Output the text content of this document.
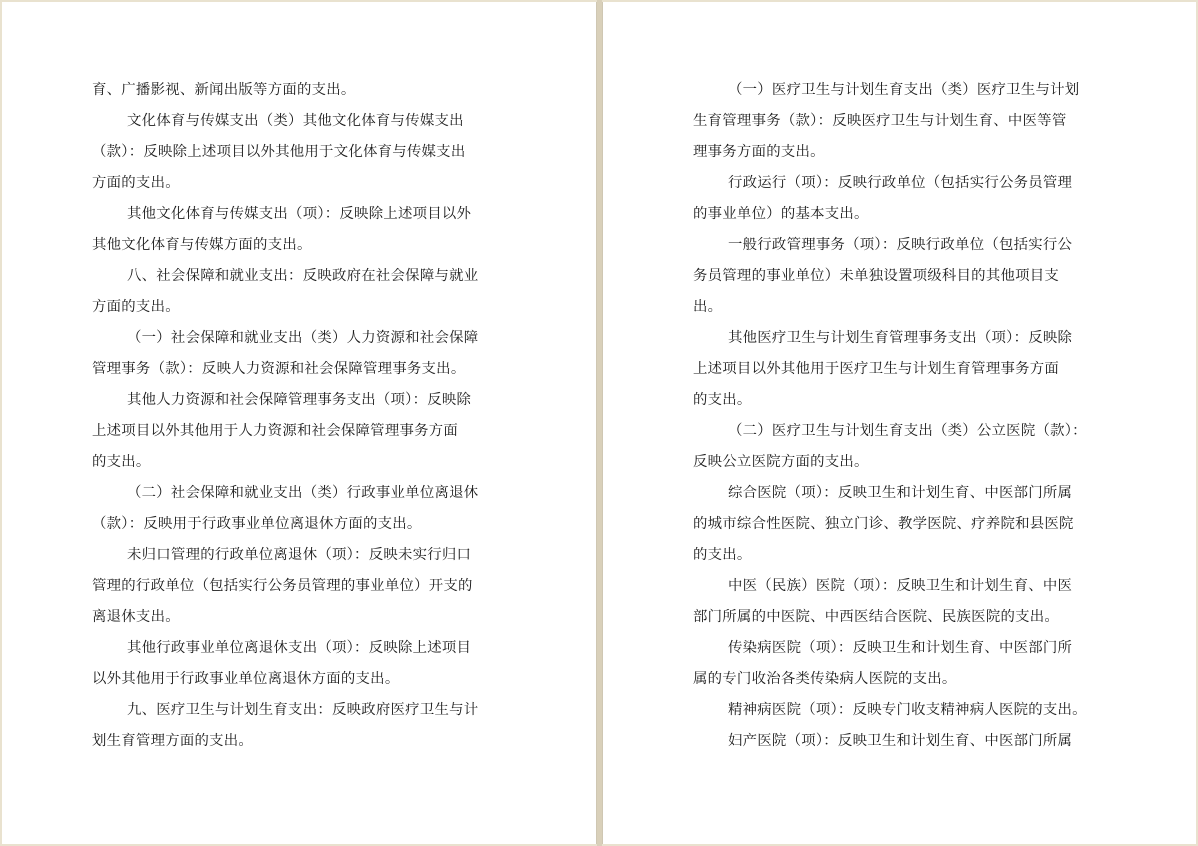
育、广播影视、新闻出版等方面的支出。
文化体育与传媒支出（类）其他文化体育与传媒支出
（款）：反映除上述项目以外其他用于文化体育与传媒支出
方面的支出。
其他文化体育与传媒支出（项）：反映除上述项目以外
其他文化体育与传媒方面的支出。
八、社会保障和就业支出：反映政府在社会保障与就业
方面的支出。
（一）社会保障和就业支出（类）人力资源和社会保障
管理事务（款）：反映人力资源和社会保障管理事务支出。
其他人力资源和社会保障管理事务支出（项）：反映除
上述项目以外其他用于人力资源和社会保障管理事务方面
的支出。
（二）社会保障和就业支出（类）行政事业单位离退休
（款）：反映用于行政事业单位离退休方面的支出。
未归口管理的行政单位离退休（项）：反映未实行归口
管理的行政单位（包括实行公务员管理的事业单位）开支的
离退休支出。
其他行政事业单位离退休支出（项）：反映除上述项目
以外其他用于行政事业单位离退休方面的支出。
九、医疗卫生与计划生育支出：反映政府医疗卫生与计
划生育管理方面的支出。
（一）医疗卫生与计划生育支出（类）医疗卫生与计划
生育管理事务（款）：反映医疗卫生与计划生育、中医等管
理事务方面的支出。
行政运行（项）：反映行政单位（包括实行公务员管理
的事业单位）的基本支出。
一般行政管理事务（项）：反映行政单位（包括实行公
务员管理的事业单位）未单独设置项级科目的其他项目支
出。
其他医疗卫生与计划生育管理事务支出（项）：反映除
上述项目以外其他用于医疗卫生与计划生育管理事务方面
的支出。
（二）医疗卫生与计划生育支出（类）公立医院（款）：
反映公立医院方面的支出。
综合医院（项）：反映卫生和计划生育、中医部门所属
的城市综合性医院、独立门诊、教学医院、疗养院和县医院
的支出。
中医（民族）医院（项）：反映卫生和计划生育、中医
部门所属的中医院、中西医结合医院、民族医院的支出。
传染病医院（项）：反映卫生和计划生育、中医部门所
属的专门收治各类传染病人医院的支出。
精神病医院（项）：反映专门收支精神病人医院的支出。
妇产医院（项）：反映卫生和计划生育、中医部门所属
